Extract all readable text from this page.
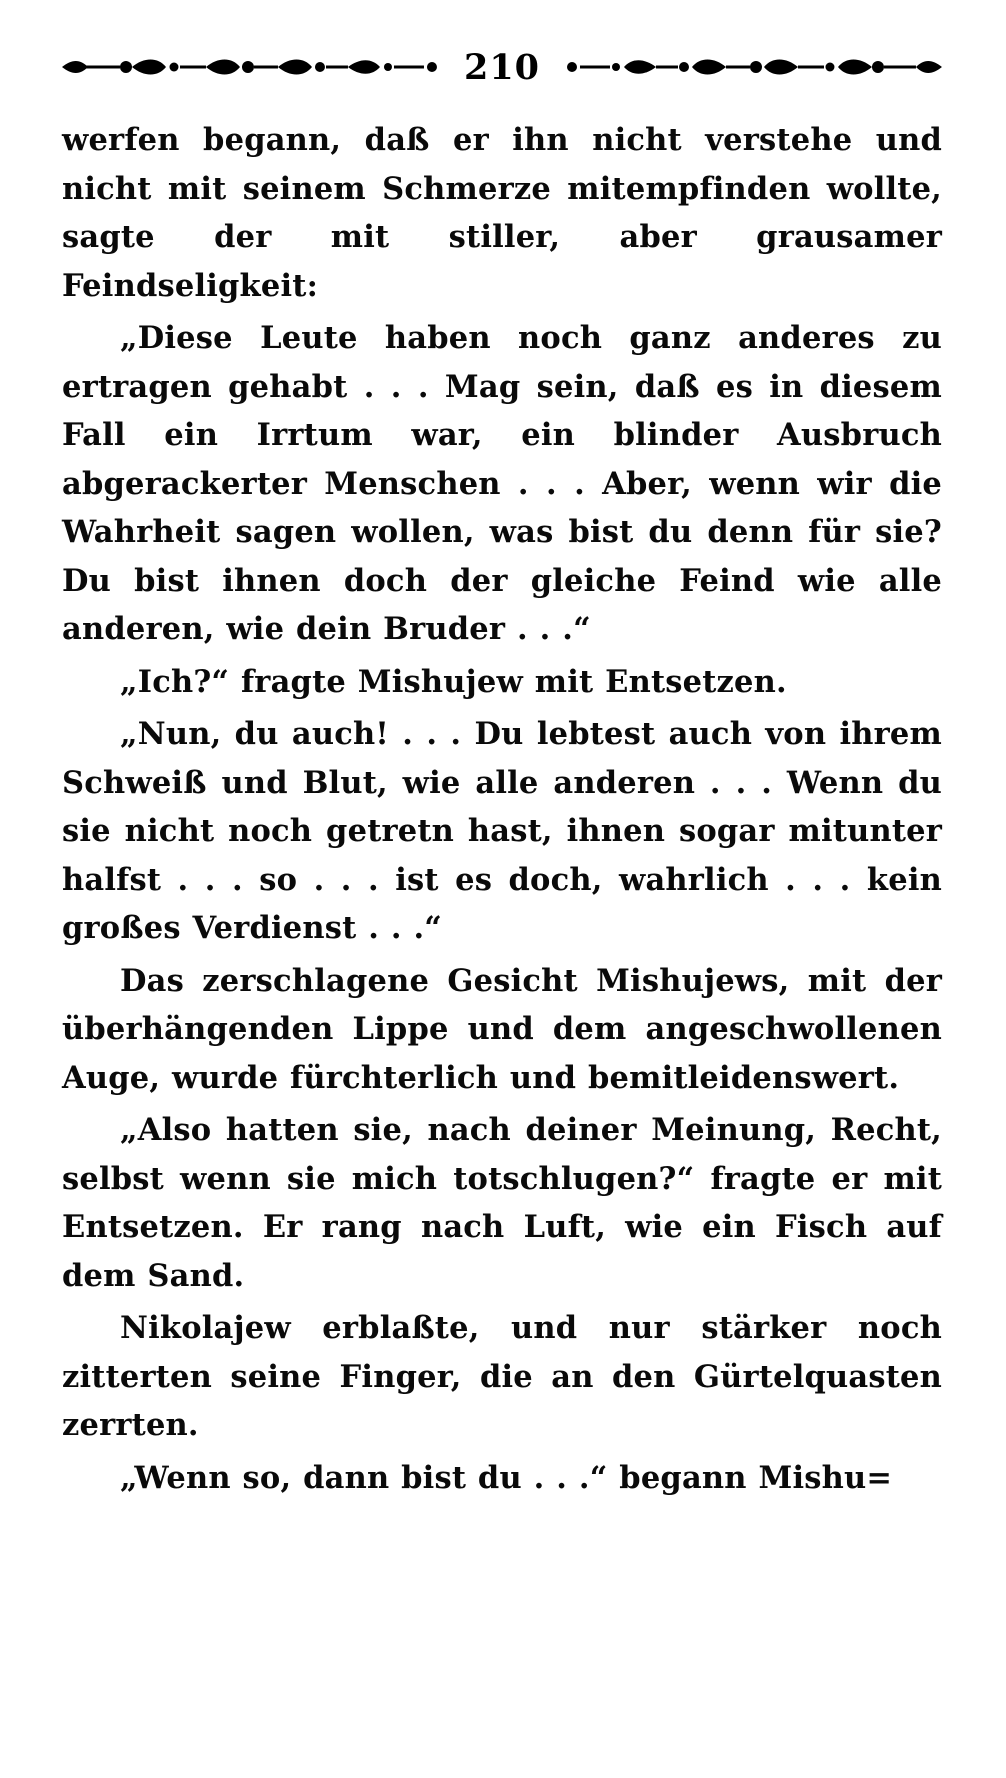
210

werfen begann, daß er ihn nicht verstehe und nicht mit seinem Schmerze mitempfinden wollte, sagte der mit stiller, aber grausamer Feindseligkeit:

„Diese Leute haben noch ganz anderes zu ertragen gehabt . . . Mag sein, daß es in diesem Fall ein Irrtum war, ein blinder Ausbruch abgerackerter Menschen . . . Aber, wenn wir die Wahrheit sagen wollen, was bist du denn für sie? Du bist ihnen doch der gleiche Feind wie alle anderen, wie dein Bruder . . .“

„Ich?“ fragte Mishujew mit Entsetzen.

„Nun, du auch! . . . Du lebtest auch von ihrem Schweiß und Blut, wie alle anderen . . . Wenn du sie nicht noch getretn hast, ihnen sogar mitunter halfst . . . so . . . ist es doch, wahrlich . . . kein großes Verdienst . . .“

Das zerschlagene Gesicht Mishujews, mit der überhängenden Lippe und dem angeschwollenen Auge, wurde fürchterlich und bemitleidenswert.

„Also hatten sie, nach deiner Meinung, Recht, selbst wenn sie mich totschlugen?“ fragte er mit Entsetzen. Er rang nach Luft, wie ein Fisch auf dem Sand.

Nikolajew erblaßte, und nur stärker noch zitterten seine Finger, die an den Gürtelquasten zerrten.

„Wenn so, dann bist du . . .“ begann Mishu=
